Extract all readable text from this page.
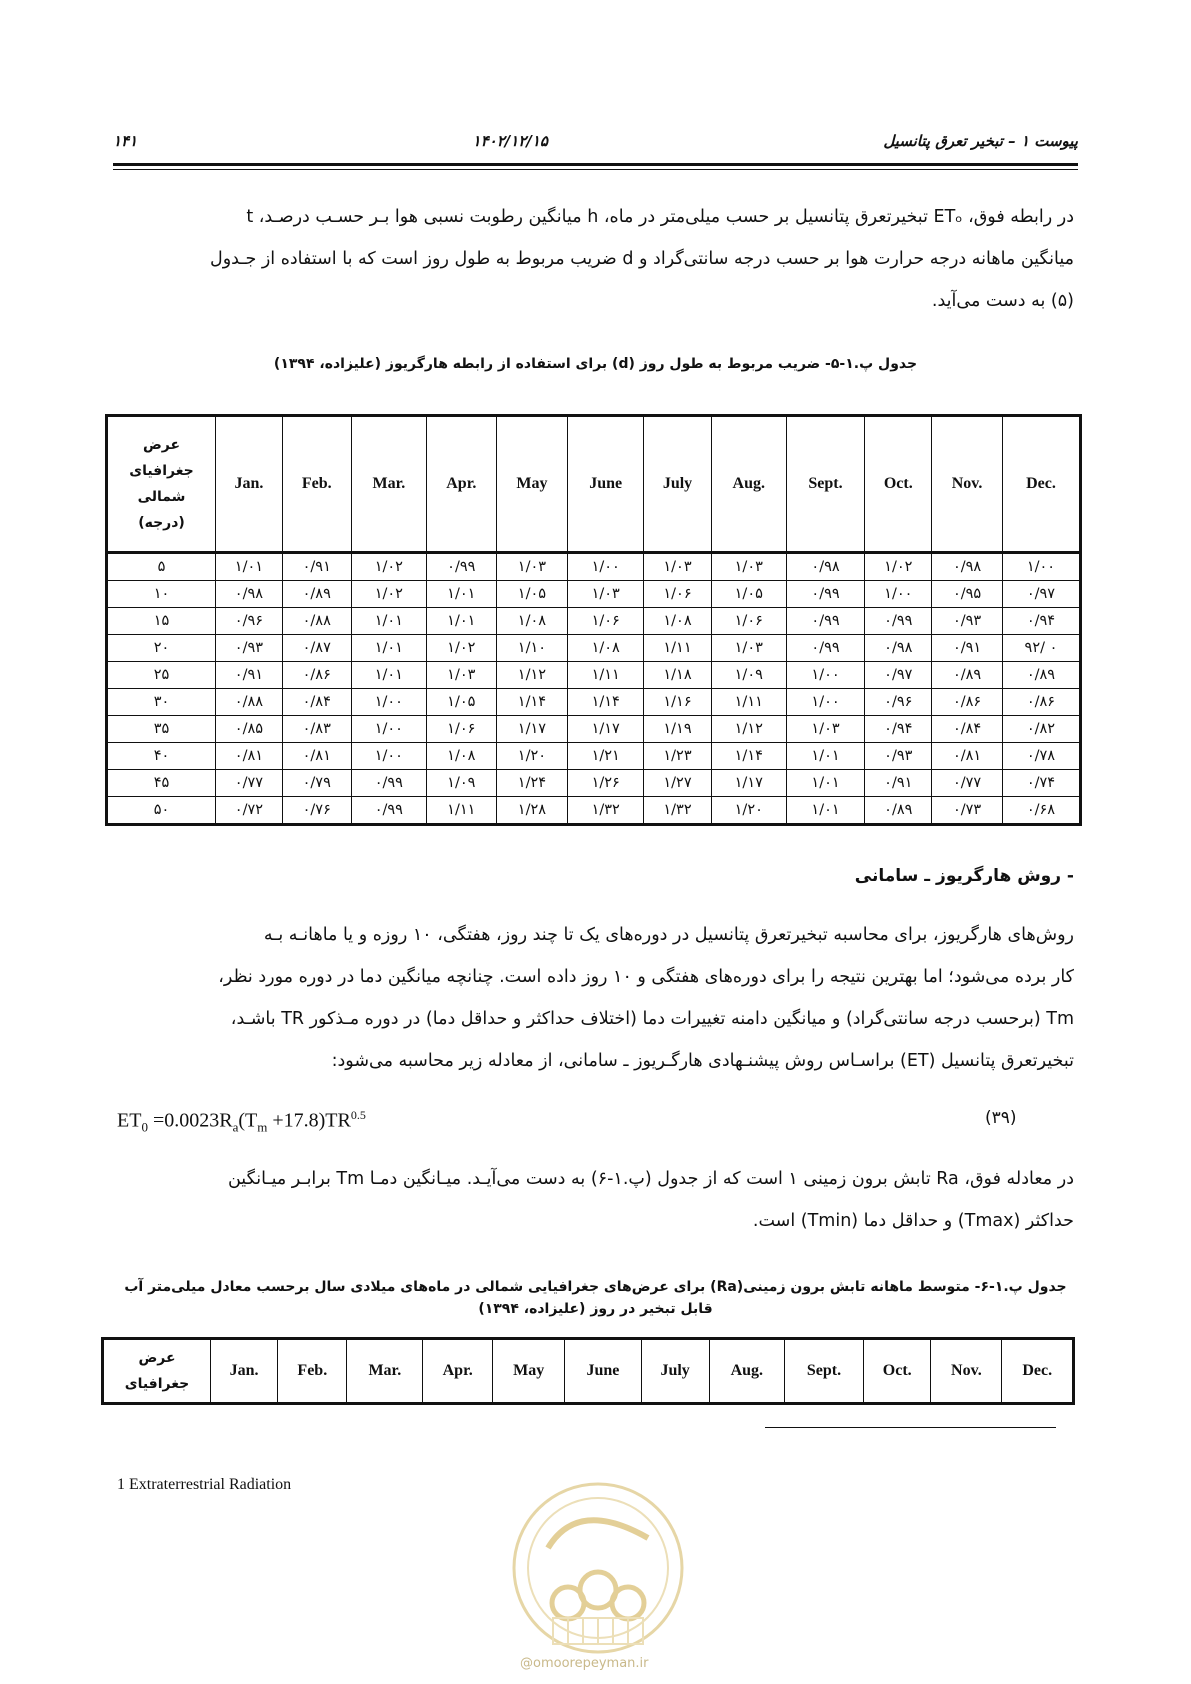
۱۴۱	۱۴۰۲/۱۲/۱۵	پیوست ۱ – تبخیر تعرق پتانسیل

در رابطه فوق، ETₒ تبخیرتعرق پتانسیل بر حسب میلی‌متر در ماه، h میانگین رطوبت نسبی هوا بـر حسـب درصـد، t

میانگین ماهانه درجه حرارت هوا بر حسب درجه سانتی‌گراد و d ضریب مربوط به طول روز است که با استفاده از جـدول

(۵) به دست می‌آید.

جدول پ.۱-۵- ضریب مربوط به طول روز (d) برای استفاده از رابطه هارگریوز (علیزاده، ۱۳۹۴)
عرض
جغرافیای
شمالی
(درجه)	Jan.	Feb.	Mar.	Apr.	May	June	July	Aug.	Sept.	Oct.	Nov.	Dec.
۵	۱/۰۱	۰/۹۱	۱/۰۲	۰/۹۹	۱/۰۳	۱/۰۰	۱/۰۳	۱/۰۳	۰/۹۸	۱/۰۲	۰/۹۸	۱/۰۰
۱۰	۰/۹۸	۰/۸۹	۱/۰۲	۱/۰۱	۱/۰۵	۱/۰۳	۱/۰۶	۱/۰۵	۰/۹۹	۱/۰۰	۰/۹۵	۰/۹۷
۱۵	۰/۹۶	۰/۸۸	۱/۰۱	۱/۰۱	۱/۰۸	۱/۰۶	۱/۰۸	۱/۰۶	۰/۹۹	۰/۹۹	۰/۹۳	۰/۹۴
۲۰	۰/۹۳	۰/۸۷	۱/۰۱	۱/۰۲	۱/۱۰	۱/۰۸	۱/۱۱	۱/۰۳	۰/۹۹	۰/۹۸	۰/۹۱	۰ /۹۲
۲۵	۰/۹۱	۰/۸۶	۱/۰۱	۱/۰۳	۱/۱۲	۱/۱۱	۱/۱۸	۱/۰۹	۱/۰۰	۰/۹۷	۰/۸۹	۰/۸۹
۳۰	۰/۸۸	۰/۸۴	۱/۰۰	۱/۰۵	۱/۱۴	۱/۱۴	۱/۱۶	۱/۱۱	۱/۰۰	۰/۹۶	۰/۸۶	۰/۸۶
۳۵	۰/۸۵	۰/۸۳	۱/۰۰	۱/۰۶	۱/۱۷	۱/۱۷	۱/۱۹	۱/۱۲	۱/۰۳	۰/۹۴	۰/۸۴	۰/۸۲
۴۰	۰/۸۱	۰/۸۱	۱/۰۰	۱/۰۸	۱/۲۰	۱/۲۱	۱/۲۳	۱/۱۴	۱/۰۱	۰/۹۳	۰/۸۱	۰/۷۸
۴۵	۰/۷۷	۰/۷۹	۰/۹۹	۱/۰۹	۱/۲۴	۱/۲۶	۱/۲۷	۱/۱۷	۱/۰۱	۰/۹۱	۰/۷۷	۰/۷۴
۵۰	۰/۷۲	۰/۷۶	۰/۹۹	۱/۱۱	۱/۲۸	۱/۳۲	۱/۳۲	۱/۲۰	۱/۰۱	۰/۸۹	۰/۷۳	۰/۶۸
- روش هارگریوز ـ سامانی

روش‌های هارگریوز، برای محاسبه تبخیرتعرق پتانسیل در دوره‌های یک تا چند روز، هفتگی، ۱۰ روزه و یا ماهانـه بـه

کار برده می‌شود؛ اما بهترین نتیجه را برای دوره‌های هفتگی و ۱۰ روز داده است. چنانچه میانگین دما در دوره مورد نظر،

Tm (برحسب درجه سانتی‌گراد) و میانگین دامنه تغییرات دما (اختلاف حداکثر و حداقل دما) در دوره مـذکور TR باشـد،

تبخیرتعرق پتانسیل (ET) براسـاس روش پیشنـهادی هارگـریوز ـ سامانی، از معادله زیر محاسبه می‌شود:

$ET_0 =0.0023R_a(T_m +17.8)TR^{0.5}$	(۳۹)

در معادله فوق، Ra تابش برون زمینی ۱ است که از جدول (پ.۱-۶) به دست می‌آیـد. میـانگین دمـا Tm برابـر میـانگین

حداکثر (Tmax) و حداقل دما (Tmin) است.

جدول پ.۱-۶- متوسط ماهانه تابش برون زمینی(Ra) برای عرض‌های جغرافیایی شمالی در ماه‌های میلادی سال برحسب معادل میلی‌متر آب
قابل تبخیر در روز (علیزاده، ۱۳۹۴)
عرض
جغرافیای
	Jan.	Feb.	Mar.	Apr.	May	June	July	Aug.	Sept.	Oct.	Nov.	Dec.
1 Extraterrestrial Radiation
@omoorepeyman.ir
